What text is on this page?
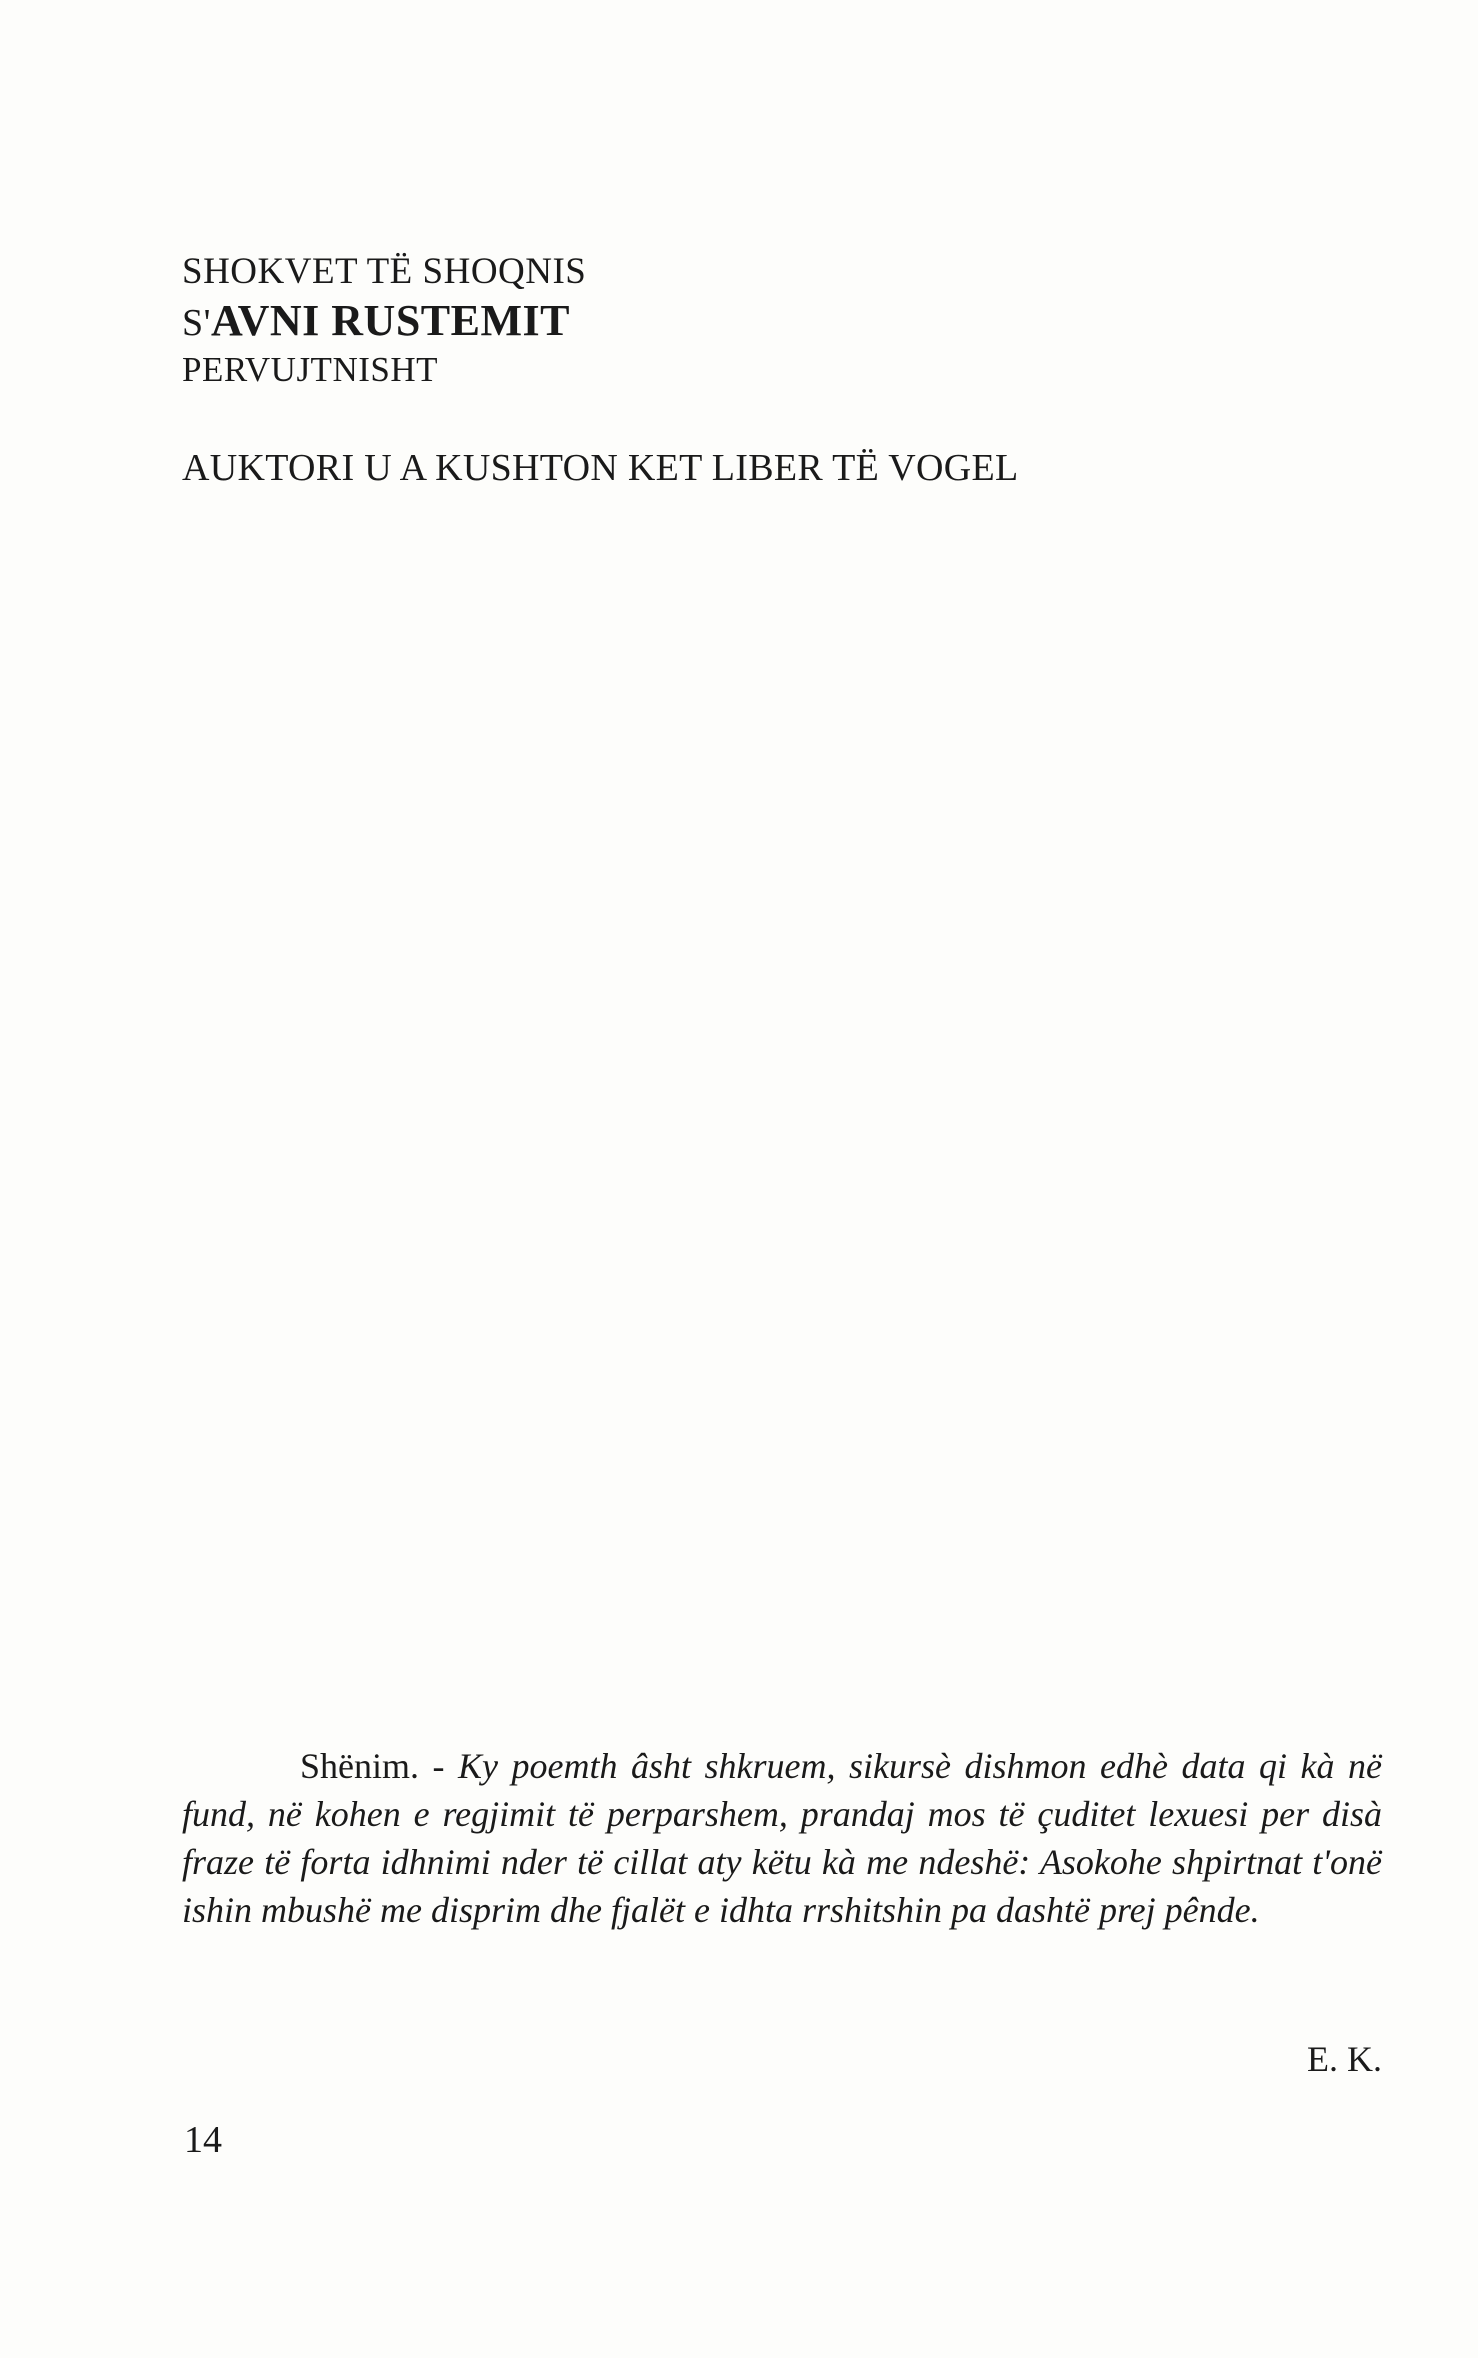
SHOKVET TË SHOQNIS
S'AVNI RUSTEMIT
PERVUJTNISHT
AUKTORI U A KUSHTON KET LIBER TË VOGEL
Shënim. - Ky poemth âsht shkruem, sikursè dishmon edhè data qi kà në fund, në kohen e regjimit të perparshem, prandaj mos të çuditet lexuesi per disà fraze të forta idhnimi nder të cillat aty këtu kà me ndeshë: Asokohe shpirtnat t'onë ishin mbushë me disprim dhe fjalët e idhta rrshitshin pa dashtë prej pênde.
E. K.
14
